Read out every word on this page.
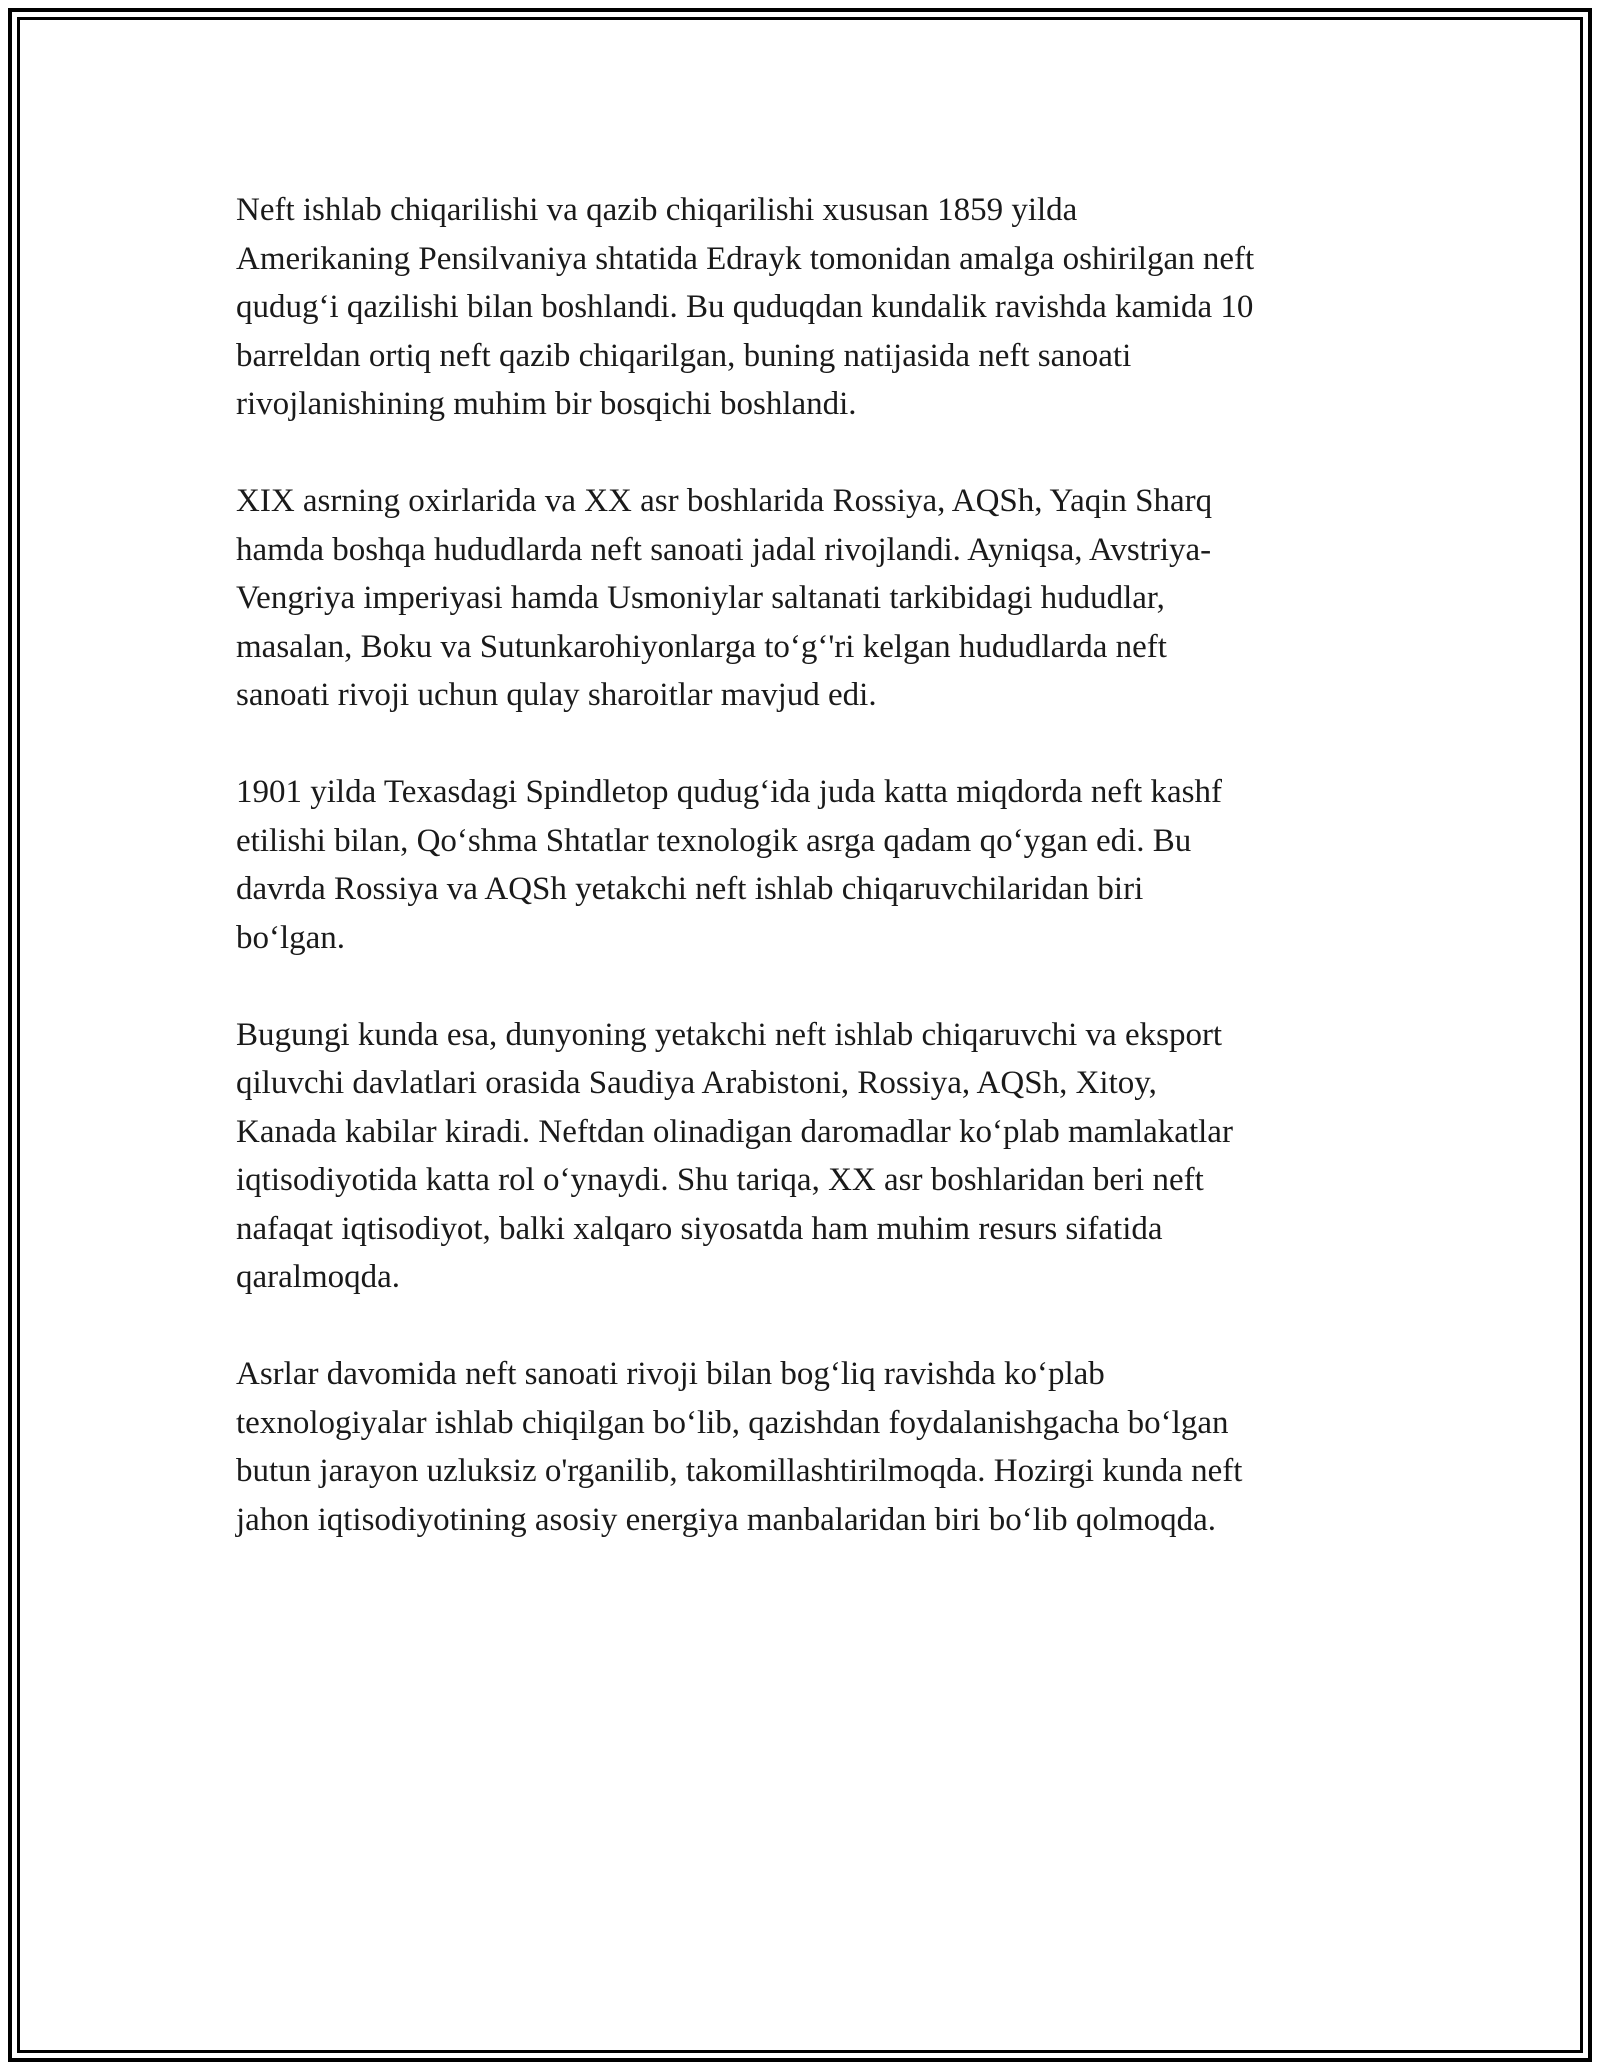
Neft ishlab chiqarilishi va qazib chiqarilishi xususan 1859 yilda
Amerikaning Pensilvaniya shtatida Edrayk tomonidan amalga oshirilgan neft
qudug‘i qazilishi bilan boshlandi. Bu quduqdan kundalik ravishda kamida 10
barreldan ortiq neft qazib chiqarilgan, buning natijasida neft sanoati
rivojlanishining muhim bir bosqichi boshlandi.

XIX asrning oxirlarida va XX asr boshlarida Rossiya, AQSh, Yaqin Sharq
hamda boshqa hududlarda neft sanoati jadal rivojlandi. Ayniqsa, Avstriya-
Vengriya imperiyasi hamda Usmoniylar saltanati tarkibidagi hududlar,
masalan, Boku va Sutunkarohiyonlarga to‘g‘'ri kelgan hududlarda neft
sanoati rivoji uchun qulay sharoitlar mavjud edi.

1901 yilda Texasdagi Spindletop qudug‘ida juda katta miqdorda neft kashf
etilishi bilan, Qo‘shma Shtatlar texnologik asrga qadam qo‘ygan edi. Bu
davrda Rossiya va AQSh yetakchi neft ishlab chiqaruvchilaridan biri
bo‘lgan.

Bugungi kunda esa, dunyoning yetakchi neft ishlab chiqaruvchi va eksport
qiluvchi davlatlari orasida Saudiya Arabistoni, Rossiya, AQSh, Xitoy,
Kanada kabilar kiradi. Neftdan olinadigan daromadlar ko‘plab mamlakatlar
iqtisodiyotida katta rol o‘ynaydi. Shu tariqa, XX asr boshlaridan beri neft
nafaqat iqtisodiyot, balki xalqaro siyosatda ham muhim resurs sifatida
qaralmoqda.

Asrlar davomida neft sanoati rivoji bilan bog‘liq ravishda ko‘plab
texnologiyalar ishlab chiqilgan bo‘lib, qazishdan foydalanishgacha bo‘lgan
butun jarayon uzluksiz o'rganilib, takomillashtirilmoqda. Hozirgi kunda neft
jahon iqtisodiyotining asosiy energiya manbalaridan biri bo‘lib qolmoqda.
